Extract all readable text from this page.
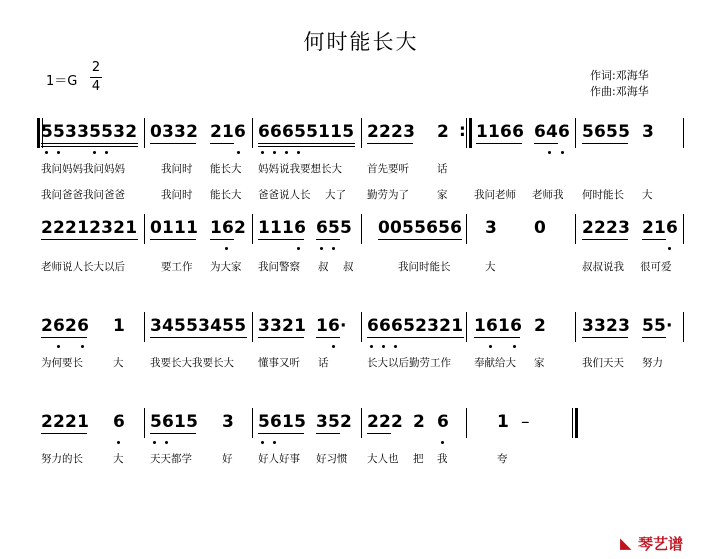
何时能长大
1＝G
2
4
作词:邓海华
作曲:邓海华
55335532 0332 216 66655115 2223 2 : 1166 646 5655 3
我问妈妈我问妈妈	我问时 能长大 妈妈说我要想长大 首先要听	话
我问爸爸我问爸爸	我问时 能长大 爸爸说人长 大了 勤劳为了	家	我问老师 老师我 何时能长 大
22212321 0111 162 1116 655 0055656 3 0 2223 216
老师说人长大以后	要工作 为大家 我问警察 叔 叔	我问时能长	大	叔叔说我 很可爱
2626 1 34553455 3321 16· 66652321 1616 2 3323 55·
为何要长	大	我要长大我要长大 懂事又听 话	长大以后勤劳工作 奉献给大 家	我们天天 努力
2221 6 5615 3 5615 352 222 2 6	1 –
努力的长	大	天天都学	好 好人好事 好习惯 大人也 把 我	夸
◣ 琴艺谱
